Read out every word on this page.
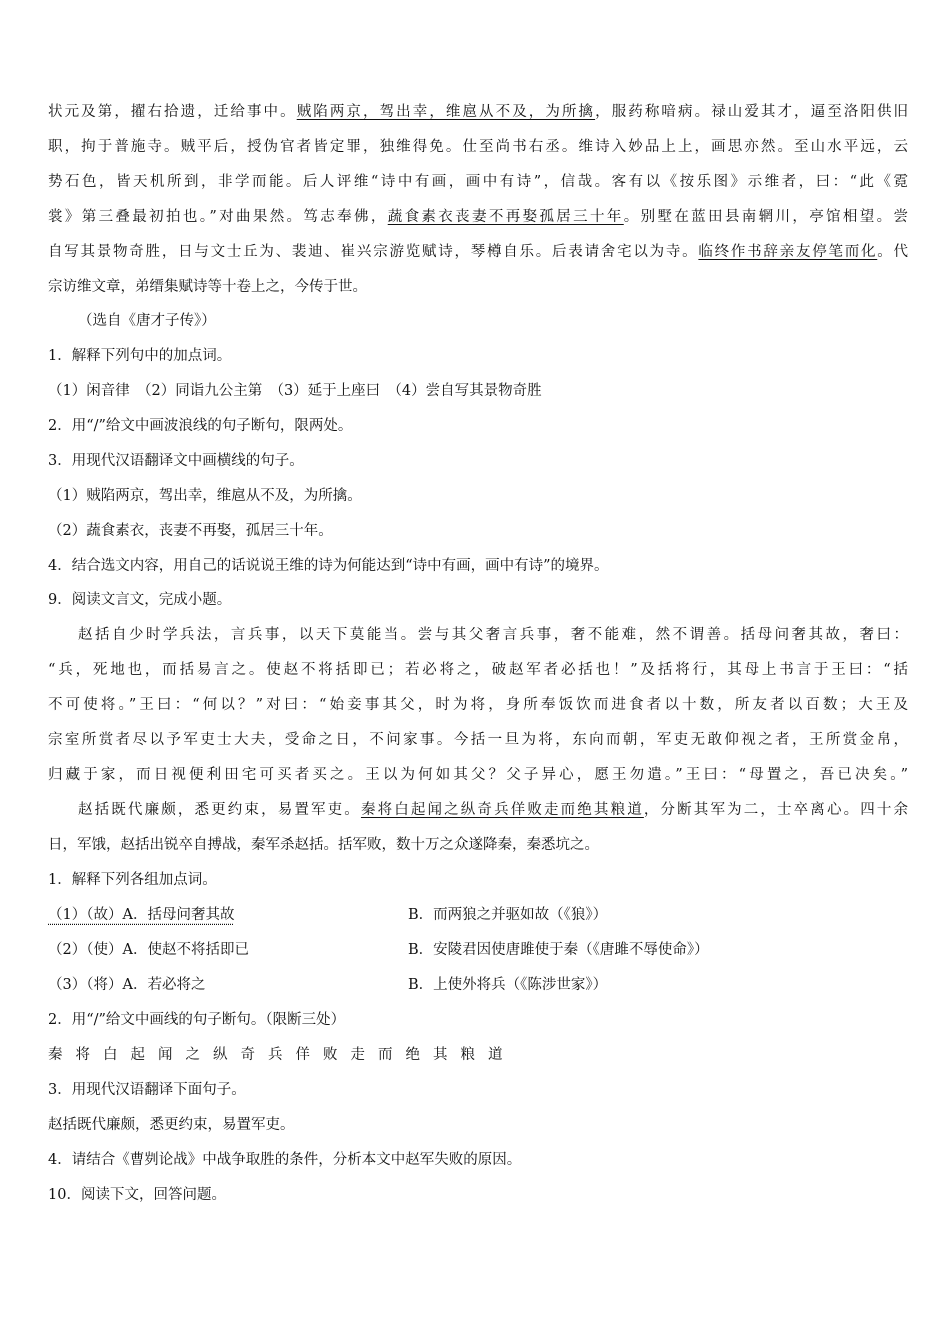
状元及第，擢右拾遗，迁给事中。贼陷两京，驾出幸，维扈从不及，为所擒，服药称喑病。禄山爱其才，逼至洛阳供旧
职，拘于普施寺。贼平后，授伪官者皆定罪，独维得免。仕至尚书右丞。维诗入妙品上上，画思亦然。至山水平远，云
势石色，皆天机所到，非学而能。后人评维“诗中有画，画中有诗”，信哉。客有以《按乐图》示维者，曰：“此《霓
裳》第三叠最初拍也。”对曲果然。笃志奉佛，蔬食素衣丧妻不再娶孤居三十年。别墅在蓝田县南辋川，亭馆相望。尝
自写其景物奇胜，日与文士丘为、裴迪、崔兴宗游览赋诗，琴樽自乐。后表请舍宅以为寺。临终作书辞亲友停笔而化。代
宗访维文章，弟缙集赋诗等十卷上之，今传于世。
（选自《唐才子传》）
1．解释下列句中的加点词。
（1）闲音律　（2）同诣九公主第　（3）延于上座曰　（4）尝自写其景物奇胜
2．用“/”给文中画波浪线的句子断句，限两处。
3．用现代汉语翻译文中画横线的句子。
（1）贼陷两京，驾出幸，维扈从不及，为所擒。
（2）蔬食素衣，丧妻不再娶，孤居三十年。
4．结合选文内容，用自己的话说说王维的诗为何能达到“诗中有画，画中有诗”的境界。
9．阅读文言文，完成小题。
赵括自少时学兵法，言兵事，以天下莫能当。尝与其父奢言兵事，奢不能难，然不谓善。括母问奢其故，奢曰：
“兵，死地也，而括易言之。使赵不将括即已；若必将之，破赵军者必括也！”及括将行，其母上书言于王曰：“括
不可使将。”王曰：“何以？”对曰：“始妾事其父，时为将，身所奉饭饮而进食者以十数，所友者以百数；大王及
宗室所赏者尽以予军吏士大夫，受命之日，不问家事。今括一旦为将，东向而朝，军吏无敢仰视之者，王所赏金帛，
归藏于家，而日视便利田宅可买者买之。王以为何如其父？父子异心，愿王勿遣。”王曰：“母置之，吾已决矣。”
赵括既代廉颇，悉更约束，易置军吏。秦将白起闻之纵奇兵佯败走而绝其粮道，分断其军为二，士卒离心。四十余
日，军饿，赵括出锐卒自搏战，秦军杀赵括。括军败，数十万之众遂降秦，秦悉坑之。
1．解释下列各组加点词。
（1）（故）A．括母问奢其故	B．而两狼之并驱如故（《狼》）
（2）（使）A．使赵不将括即已	B．安陵君因使唐雎使于秦（《唐雎不辱使命》）
（3）（将）A．若必将之	B．上使外将兵（《陈涉世家》）
2．用“/”给文中画线的句子断句。（限断三处）
秦将白起闻之纵奇兵佯败走而绝其粮道
3．用现代汉语翻译下面句子。
赵括既代廉颇，悉更约束，易置军吏。
4．请结合《曹刿论战》中战争取胜的条件，分析本文中赵军失败的原因。
10．阅读下文，回答问题。
